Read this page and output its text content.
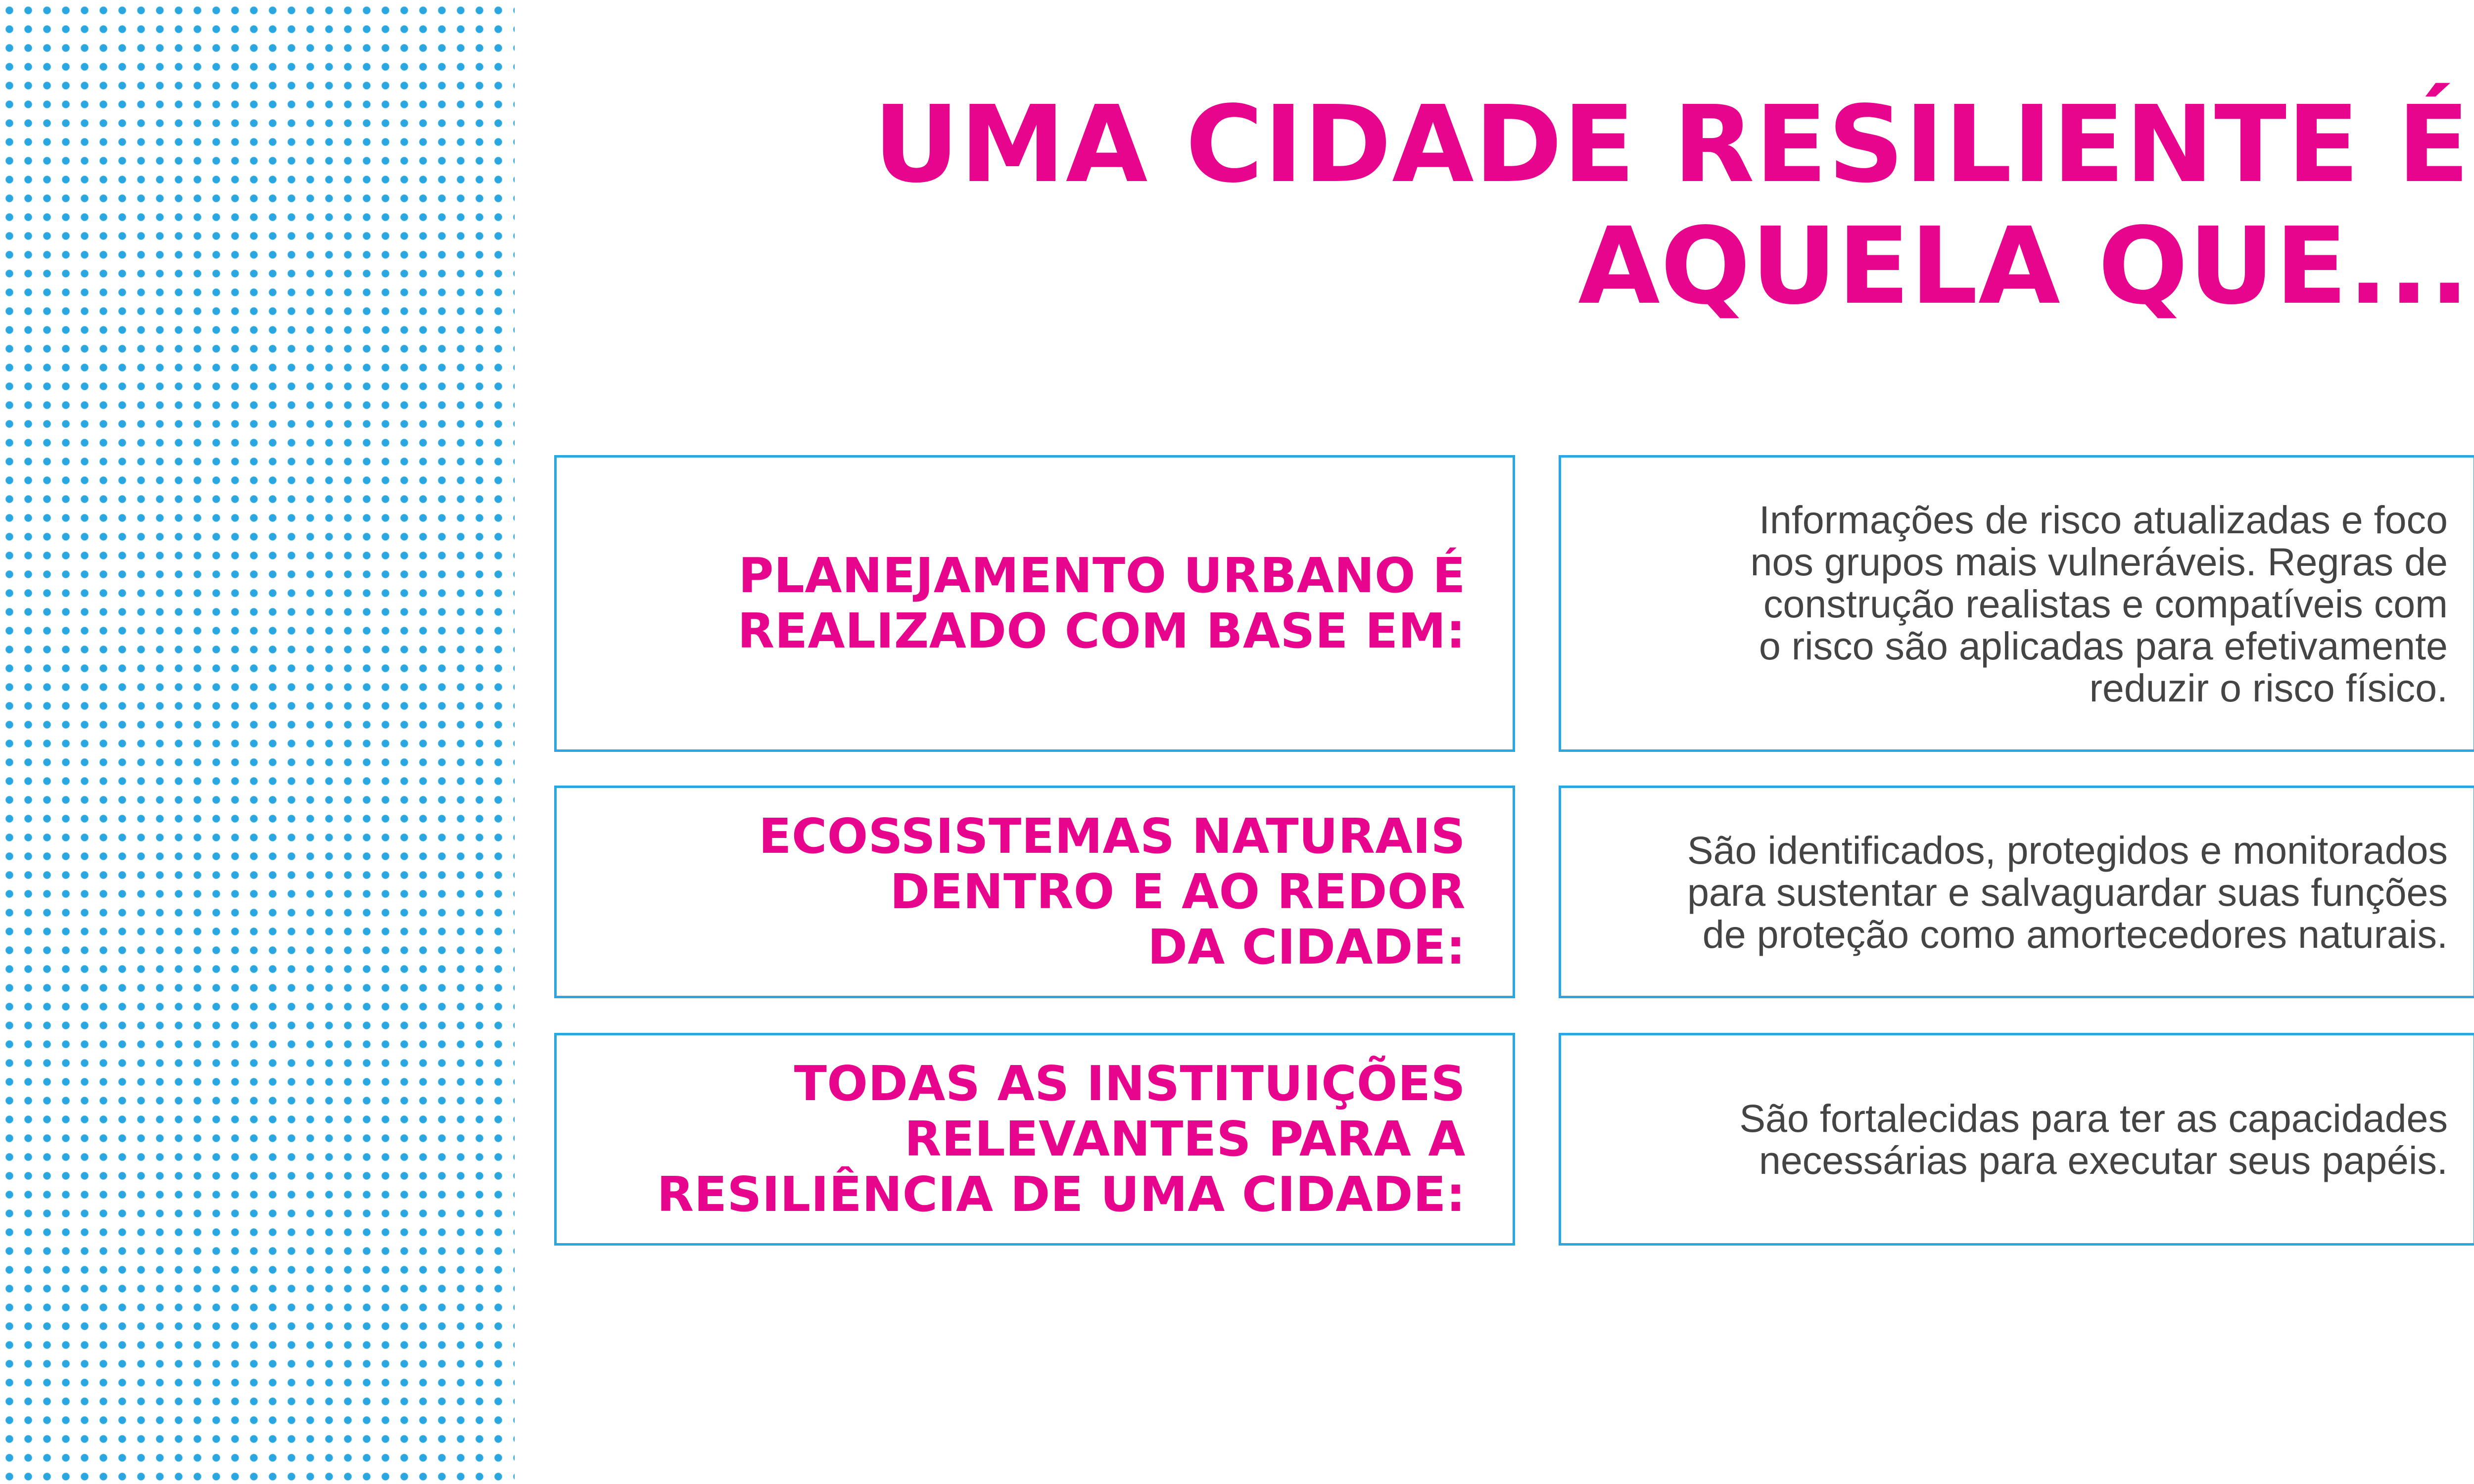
UMA CIDADE RESILIENTE É
AQUELA QUE...
PLANEJAMENTO URBANO É
REALIZADO COM BASE EM:
Informações de risco atualizadas e foco
nos grupos mais vulneráveis. Regras de
construção realistas e compatíveis com
o risco são aplicadas para efetivamente
reduzir o risco físico.
ECOSSISTEMAS NATURAIS
DENTRO E AO REDOR
DA CIDADE:
São identificados, protegidos e monitorados
para sustentar e salvaguardar suas funções
de proteção como amortecedores naturais.
TODAS AS INSTITUIÇÕES
RELEVANTES PARA A
RESILIÊNCIA DE UMA CIDADE:
São fortalecidas para ter as capacidades
necessárias para executar seus papéis.
